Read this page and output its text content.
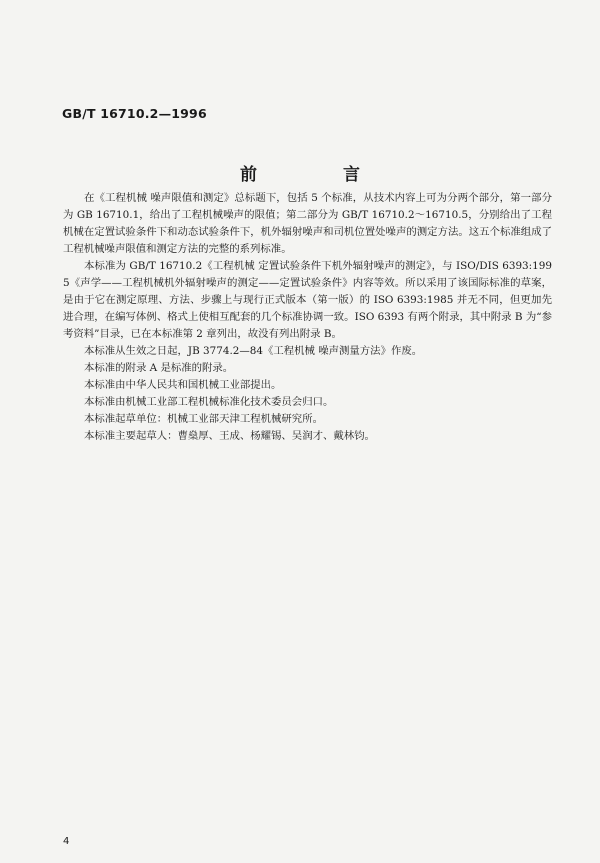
GB/T 16710.2—1996
前 言

在《工程机械 噪声限值和测定》总标题下，包括 5 个标准，从技术内容上可为分两个部分，第一部分为 GB 16710.1，给出了工程机械噪声的限值；第二部分为 GB/T 16710.2～16710.5，分别给出了工程机械在定置试验条件下和动态试验条件下，机外辐射噪声和司机位置处噪声的测定方法。这五个标准组成了工程机械噪声限值和测定方法的完整的系列标准。

本标准为 GB/T 16710.2《工程机械 定置试验条件下机外辐射噪声的测定》，与 ISO/DIS 6393:1995《声学——工程机械机外辐射噪声的测定——定置试验条件》内容等效。所以采用了该国际标准的草案，是由于它在测定原理、方法、步骤上与现行正式版本（第一版）的 ISO 6393:1985 并无不同，但更加先进合理，在编写体例、格式上使相互配套的几个标准协调一致。ISO 6393 有两个附录，其中附录 B 为“参考资料”目录，已在本标准第 2 章列出，故没有列出附录 B。

本标准从生效之日起，JB 3774.2—84《工程机械 噪声测量方法》作废。

本标准的附录 A 是标准的附录。

本标准由中华人民共和国机械工业部提出。

本标准由机械工业部工程机械标准化技术委员会归口。

本标准起草单位：机械工业部天津工程机械研究所。

本标准主要起草人：曹燊厚、王成、杨耀锡、吴润才、戴林钧。

4
